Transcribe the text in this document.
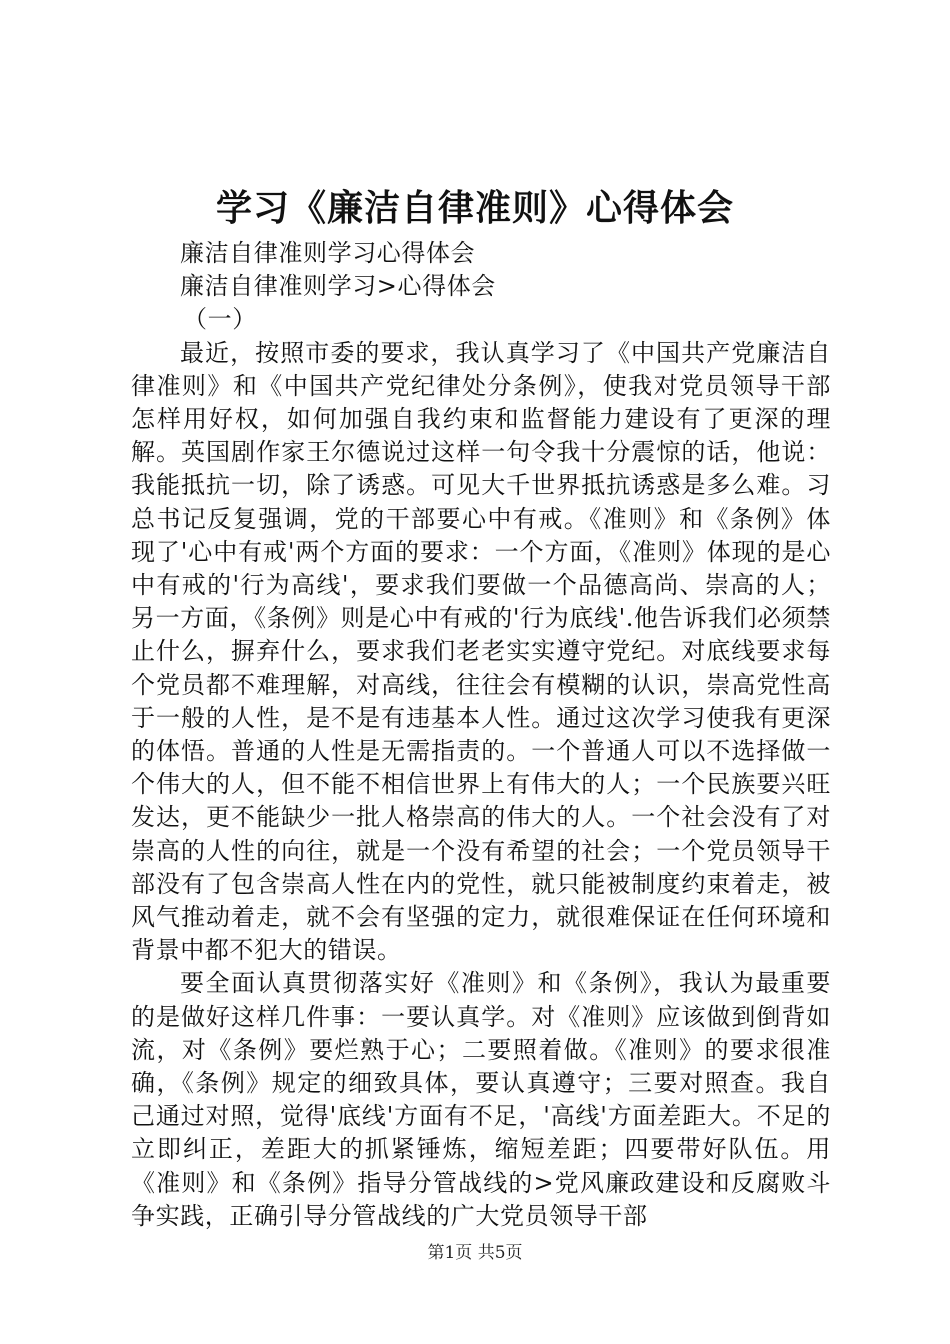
学习《廉洁自律准则》心得体会

廉洁自律准则学习心得体会

廉洁自律准则学习>心得体会

（一）

最近，按照市委的要求，我认真学习了《中国共产党廉洁自律准则》和《中国共产党纪律处分条例》，使我对党员领导干部怎样用好权，如何加强自我约束和监督能力建设有了更深的理解。英国剧作家王尔德说过这样一句令我十分震惊的话，他说：我能抵抗一切，除了诱惑。可见大千世界抵抗诱惑是多么难。习总书记反复强调，党的干部要心中有戒。《准则》和《条例》体现了'心中有戒'两个方面的要求：一个方面，《准则》体现的是心中有戒的'行为高线'，要求我们要做一个品德高尚、崇高的人；另一方面，《条例》则是心中有戒的'行为底线'.他告诉我们必须禁止什么，摒弃什么，要求我们老老实实遵守党纪。对底线要求每个党员都不难理解，对高线，往往会有模糊的认识，崇高党性高于一般的人性，是不是有违基本人性。通过这次学习使我有更深的体悟。普通的人性是无需指责的。一个普通人可以不选择做一个伟大的人，但不能不相信世界上有伟大的人；一个民族要兴旺发达，更不能缺少一批人格崇高的伟大的人。一个社会没有了对崇高的人性的向往，就是一个没有希望的社会；一个党员领导干部没有了包含崇高人性在内的党性，就只能被制度约束着走，被风气推动着走，就不会有坚强的定力，就很难保证在任何环境和背景中都不犯大的错误。

要全面认真贯彻落实好《准则》和《条例》，我认为最重要的是做好这样几件事：一要认真学。对《准则》应该做到倒背如流，对《条例》要烂熟于心；二要照着做。《准则》的要求很准确，《条例》规定的细致具体，要认真遵守；三要对照查。我自己通过对照，觉得'底线'方面有不足，'高线'方面差距大。不足的立即纠正，差距大的抓紧锤炼，缩短差距；四要带好队伍。用《准则》和《条例》指导分管战线的>党风廉政建设和反腐败斗争实践，正确引导分管战线的广大党员领导干部

第1页 共5页
